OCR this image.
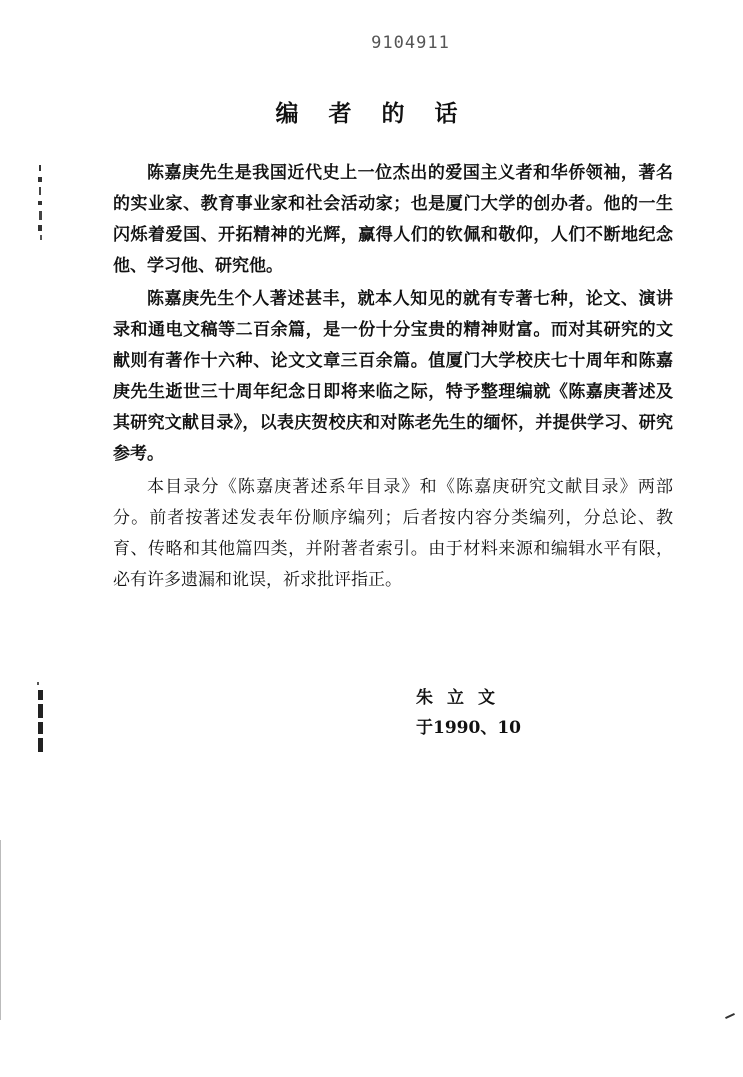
9104911
编者的话

陈嘉庚先生是我国近代史上一位杰出的爱国主义者和华侨领袖，著名的实业家、教育事业家和社会活动家；也是厦门大学的创办者。他的一生闪烁着爱国、开拓精神的光辉，赢得人们的钦佩和敬仰，人们不断地纪念他、学习他、研究他。

陈嘉庚先生个人著述甚丰，就本人知见的就有专著七种，论文、演讲录和通电文稿等二百余篇，是一份十分宝贵的精神财富。而对其研究的文献则有著作十六种、论文文章三百余篇。值厦门大学校庆七十周年和陈嘉庚先生逝世三十周年纪念日即将来临之际，特予整理编就《陈嘉庚著述及其研究文献目录》，以表庆贺校庆和对陈老先生的缅怀，并提供学习、研究参考。

本目录分《陈嘉庚著述系年目录》和《陈嘉庚研究文献目录》两部分。前者按著述发表年份顺序编列；后者按内容分类编列，分总论、教育、传略和其他篇四类，并附著者索引。由于材料来源和编辑水平有限，必有许多遗漏和讹误，祈求批评指正。

朱立文
于1990、10
